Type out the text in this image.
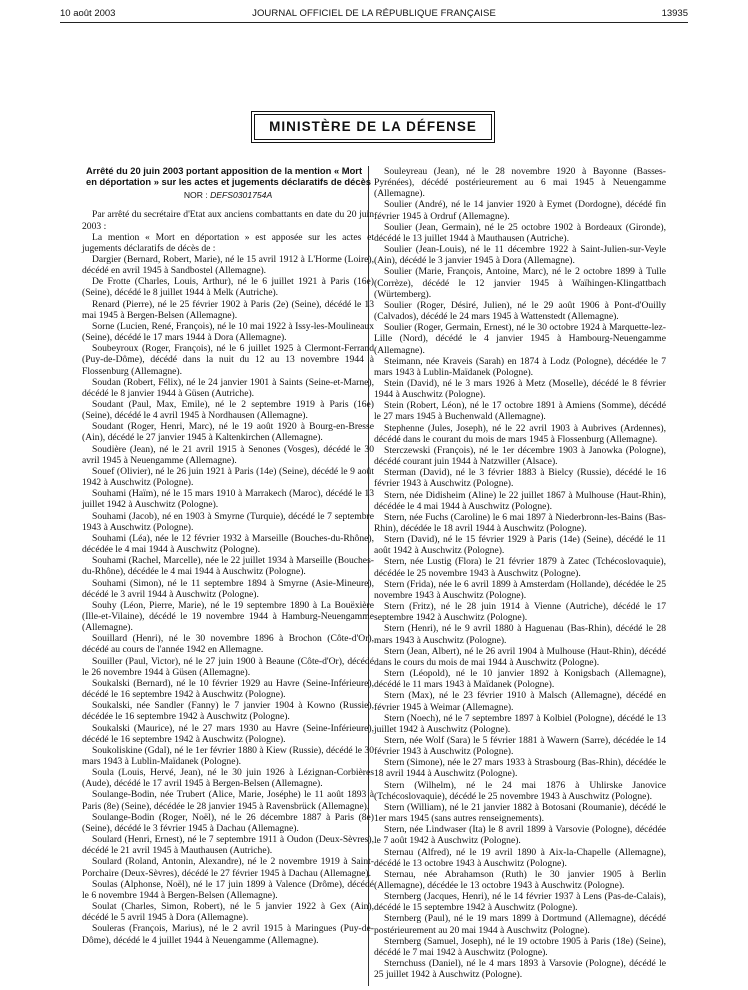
10 août 2003	JOURNAL OFFICIEL DE LA RÉPUBLIQUE FRANÇAISE	13935
MINISTÈRE DE LA DÉFENSE

Arrêté du 20 juin 2003 portant apposition de la mention « Mort en déportation » sur les actes et jugements déclaratifs de décès

NOR : DEFS0301754A

Par arrêté du secrétaire d'Etat aux anciens combattants en date du 20 juin 2003 :

La mention « Mort en déportation » est apposée sur les actes et jugements déclaratifs de décès de :

Dargier (Bernard, Robert, Marie), né le 15 avril 1912 à L'Horme (Loire), décédé en avril 1945 à Sandbostel (Allemagne).

De Frotte (Charles, Louis, Arthur), né le 6 juillet 1921 à Paris (16e) (Seine), décédé le 8 juillet 1944 à Melk (Autriche).

Renard (Pierre), né le 25 février 1902 à Paris (2e) (Seine), décédé le 13 mai 1945 à Bergen-Belsen (Allemagne).

Sorne (Lucien, René, François), né le 10 mai 1922 à Issy-les-Moulineaux (Seine), décédé le 17 mars 1944 à Dora (Allemagne).

Soubeyroux (Roger, François), né le 6 juillet 1925 à Clermont-Ferrand (Puy-de-Dôme), décédé dans la nuit du 12 au 13 novembre 1944 à Flossenburg (Allemagne).

Soudan (Robert, Félix), né le 24 janvier 1901 à Saints (Seine-et-Marne), décédé le 8 janvier 1944 à Güsen (Autriche).

Soudant (Paul, Max, Emile), né le 2 septembre 1919 à Paris (16e) (Seine), décédé le 4 avril 1945 à Nordhausen (Allemagne).

Soudant (Roger, Henri, Marc), né le 19 août 1920 à Bourg-en-Bresse (Ain), décédé le 27 janvier 1945 à Kaltenkirchen (Allemagne).

Soudière (Jean), né le 21 avril 1915 à Senones (Vosges), décédé le 30 avril 1945 à Neuengamme (Allemagne).

Souef (Olivier), né le 26 juin 1921 à Paris (14e) (Seine), décédé le 9 août 1942 à Auschwitz (Pologne).

Souhami (Haïm), né le 15 mars 1910 à Marrakech (Maroc), décédé le 13 juillet 1942 à Auschwitz (Pologne).

Souhami (Jacob), né en 1903 à Smyrne (Turquie), décédé le 7 septembre 1943 à Auschwitz (Pologne).

Souhami (Léa), née le 12 février 1932 à Marseille (Bouches-du-Rhône), décédée le 4 mai 1944 à Auschwitz (Pologne).

Souhami (Rachel, Marcelle), née le 22 juillet 1934 à Marseille (Bouches-du-Rhône), décédée le 4 mai 1944 à Auschwitz (Pologne).

Souhami (Simon), né le 11 septembre 1894 à Smyrne (Asie-Mineure), décédé le 3 avril 1944 à Auschwitz (Pologne).

Souhy (Léon, Pierre, Marie), né le 19 septembre 1890 à La Bouëxière (Ille-et-Vilaine), décédé le 19 novembre 1944 à Hamburg-Neuengamme (Allemagne).

Souillard (Henri), né le 30 novembre 1896 à Brochon (Côte-d'Or), décédé au cours de l'année 1942 en Allemagne.

Souiller (Paul, Victor), né le 27 juin 1900 à Beaune (Côte-d'Or), décédé le 26 novembre 1944 à Güsen (Allemagne).

Soukalski (Bernard), né le 10 février 1929 au Havre (Seine-Inférieure), décédé le 16 septembre 1942 à Auschwitz (Pologne).

Soukalski, née Sandler (Fanny) le 7 janvier 1904 à Kowno (Russie), décédée le 16 septembre 1942 à Auschwitz (Pologne).

Soukalski (Maurice), né le 27 mars 1930 au Havre (Seine-Inférieure), décédé le 16 septembre 1942 à Auschwitz (Pologne).

Soukoliskine (Gdal), né le 1er février 1880 à Kiew (Russie), décédé le 30 mars 1943 à Lublin-Maïdanek (Pologne).

Soula (Louis, Hervé, Jean), né le 30 juin 1926 à Lézignan-Corbières (Aude), décédé le 17 avril 1945 à Bergen-Belsen (Allemagne).

Soulange-Bodin, née Trubert (Alice, Marie, Joséphe) le 11 août 1893 à Paris (8e) (Seine), décédée le 28 janvier 1945 à Ravensbrück (Allemagne).

Soulange-Bodin (Roger, Noël), né le 26 décembre 1887 à Paris (8e) (Seine), décédé le 3 février 1945 à Dachau (Allemagne).

Soulard (Henri, Ernest), né le 7 septembre 1911 à Oudon (Deux-Sèvres), décédé le 21 avril 1945 à Mauthausen (Autriche).

Soulard (Roland, Antonin, Alexandre), né le 2 novembre 1919 à Saint-Porchaire (Deux-Sèvres), décédé le 27 février 1945 à Dachau (Allemagne).

Soulas (Alphonse, Noël), né le 17 juin 1899 à Valence (Drôme), décédé le 6 novembre 1944 à Bergen-Belsen (Allemagne).

Soulat (Charles, Simon, Robert), né le 5 janvier 1922 à Gex (Ain), décédé le 5 avril 1945 à Dora (Allemagne).

Souleras (François, Marius), né le 2 avril 1915 à Maringues (Puy-de-Dôme), décédé le 4 juillet 1944 à Neuengamme (Allemagne).

Souleyreau (Jean), né le 28 novembre 1920 à Bayonne (Basses-Pyrénées), décédé postérieurement au 6 mai 1945 à Neuengamme (Allemagne).

Soulier (André), né le 14 janvier 1920 à Eymet (Dordogne), décédé fin février 1945 à Ordruf (Allemagne).

Soulier (Jean, Germain), né le 25 octobre 1902 à Bordeaux (Gironde), décédé le 13 juillet 1944 à Mauthausen (Autriche).

Soulier (Jean-Louis), né le 11 décembre 1922 à Saint-Julien-sur-Veyle (Ain), décédé le 3 janvier 1945 à Dora (Allemagne).

Soulier (Marie, François, Antoine, Marc), né le 2 octobre 1899 à Tulle (Corrèze), décédé le 12 janvier 1945 à Waïhingen-Klingattbach (Würtemberg).

Soulier (Roger, Désiré, Julien), né le 29 août 1906 à Pont-d'Ouilly (Calvados), décédé le 24 mars 1945 à Wattenstedt (Allemagne).

Soulier (Roger, Germain, Ernest), né le 30 octobre 1924 à Marquette-lez-Lille (Nord), décédé le 4 janvier 1945 à Hambourg-Neuengamme (Allemagne).

Steimann, née Kraveis (Sarah) en 1874 à Lodz (Pologne), décédée le 7 mars 1943 à Lublin-Maïdanek (Pologne).

Stein (David), né le 3 mars 1926 à Metz (Moselle), décédé le 8 février 1944 à Auschwitz (Pologne).

Stein (Robert, Léon), né le 17 octobre 1891 à Amiens (Somme), décédé le 27 mars 1945 à Buchenwald (Allemagne).

Stephenne (Jules, Joseph), né le 22 avril 1903 à Aubrives (Ardennes), décédé dans le courant du mois de mars 1945 à Flossenburg (Allemagne).

Sterczewski (François), né le 1er décembre 1903 à Janowka (Pologne), décédé courant juin 1944 à Natzwiller (Alsace).

Sterman (David), né le 3 février 1883 à Bielcy (Russie), décédé le 16 février 1943 à Auschwitz (Pologne).

Stern, née Didisheim (Aline) le 22 juillet 1867 à Mulhouse (Haut-Rhin), décédée le 4 mai 1944 à Auschwitz (Pologne).

Stern, née Fuchs (Caroline) le 6 mai 1897 à Niederbronn-les-Bains (Bas-Rhin), décédée le 18 avril 1944 à Auschwitz (Pologne).

Stern (David), né le 15 février 1929 à Paris (14e) (Seine), décédé le 11 août 1942 à Auschwitz (Pologne).

Stern, née Lustig (Flora) le 21 février 1879 à Zatec (Tchécoslovaquie), décédée le 25 novembre 1943 à Auschwitz (Pologne).

Stern (Frida), née le 6 avril 1899 à Amsterdam (Hollande), décédée le 25 novembre 1943 à Auschwitz (Pologne).

Stern (Fritz), né le 28 juin 1914 à Vienne (Autriche), décédé le 17 septembre 1942 à Auschwitz (Pologne).

Stern (Henri), né le 9 avril 1880 à Haguenau (Bas-Rhin), décédé le 28 mars 1943 à Auschwitz (Pologne).

Stern (Jean, Albert), né le 26 avril 1904 à Mulhouse (Haut-Rhin), décédé dans le cours du mois de mai 1944 à Auschwitz (Pologne).

Stern (Léopold), né le 10 janvier 1892 à Konigsbach (Allemagne), décédé le 11 mars 1943 à Maïdanek (Pologne).

Stern (Max), né le 23 février 1910 à Malsch (Allemagne), décédé en février 1945 à Weimar (Allemagne).

Stern (Noech), né le 7 septembre 1897 à Kolbiel (Pologne), décédé le 13 juillet 1942 à Auschwitz (Pologne).

Stern, née Wolf (Sara) le 5 février 1881 à Wawern (Sarre), décédée le 14 février 1943 à Auschwitz (Pologne).

Stern (Simone), née le 27 mars 1933 à Strasbourg (Bas-Rhin), décédée le 18 avril 1944 à Auschwitz (Pologne).

Stern (Wilhelm), né le 24 mai 1876 à Uhlirske Janovice (Tchécoslovaquie), décédé le 25 novembre 1943 à Auschwitz (Pologne).

Stern (William), né le 21 janvier 1882 à Botosani (Roumanie), décédé le 1er mars 1945 (sans autres renseignements).

Stern, née Lindwaser (Ita) le 8 avril 1899 à Varsovie (Pologne), décédée le 7 août 1942 à Auschwitz (Pologne).

Sternau (Alfred), né le 19 avril 1890 à Aix-la-Chapelle (Allemagne), décédé le 13 octobre 1943 à Auschwitz (Pologne).

Sternau, née Abrahamson (Ruth) le 30 janvier 1905 à Berlin (Allemagne), décédée le 13 octobre 1943 à Auschwitz (Pologne).

Sternberg (Jacques, Henri), né le 14 février 1937 à Lens (Pas-de-Calais), décédé le 15 septembre 1942 à Auschwitz (Pologne).

Sternberg (Paul), né le 19 mars 1899 à Dortmund (Allemagne), décédé postérieurement au 20 mai 1944 à Auschwitz (Pologne).

Sternberg (Samuel, Joseph), né le 19 octobre 1905 à Paris (18e) (Seine), décédé le 7 mai 1942 à Auschwitz (Pologne).

Sternchuss (Daniel), né le 4 mars 1893 à Varsovie (Pologne), décédé le 25 juillet 1942 à Auschwitz (Pologne).
